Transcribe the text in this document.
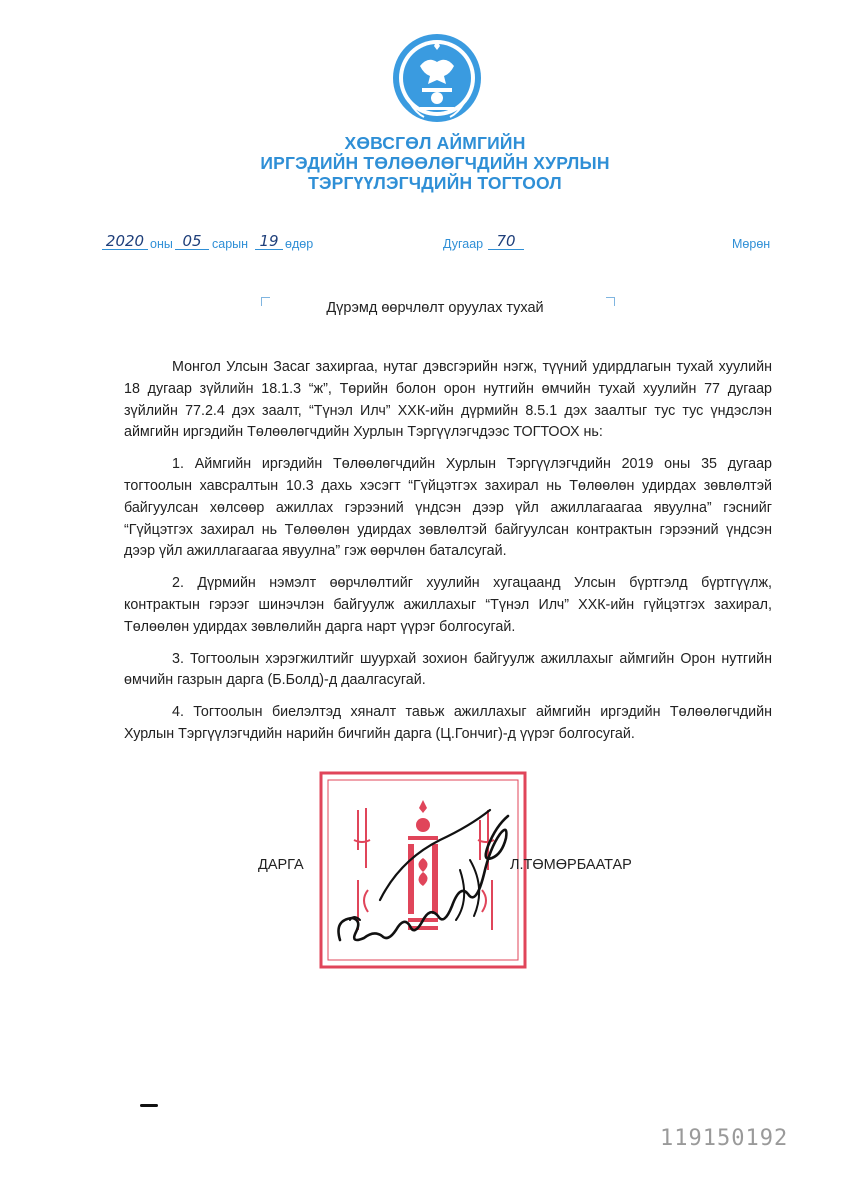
ХӨВСГӨЛ АЙМГИЙН
ИРГЭДИЙН ТӨЛӨӨЛӨГЧДИЙН ХУРЛЫН
ТЭРГҮҮЛЭГЧДИЙН ТОГТООЛ
2020 оны 05 сарын 19 өдөр	Дугаар 70	Мөрөн
Дүрэмд өөрчлөлт оруулах тухай

Монгол Улсын Засаг захиргаа, нутаг дэвсгэрийн нэгж, түүний удирдлагын тухай хуулийн 18 дугаар зүйлийн 18.1.3 “ж”, Төрийн болон орон нутгийн өмчийн тухай хуулийн 77 дугаар зүйлийн 77.2.4 дэх заалт, “Түнэл Илч” ХХК-ийн дүрмийн 8.5.1 дэх заалтыг тус тус үндэслэн аймгийн иргэдийн Төлөөлөгчдийн Хурлын Тэргүүлэгчдээс ТОГТООХ нь:

1. Аймгийн иргэдийн Төлөөлөгчдийн Хурлын Тэргүүлэгчдийн 2019 оны 35 дугаар тогтоолын хавсралтын 10.3 дахь хэсэгт “Гүйцэтгэх захирал нь Төлөөлөн удирдах зөвлөлтэй байгуулсан хөлсөөр ажиллах гэрээний үндсэн дээр үйл ажиллагаагаа явуулна” гэснийг “Гүйцэтгэх захирал нь Төлөөлөн удирдах зөвлөлтэй байгуулсан контрактын гэрээний үндсэн дээр үйл ажиллагаагаа явуулна” гэж өөрчлөн баталсугай.

2. Дүрмийн нэмэлт өөрчлөлтийг хуулийн хугацаанд Улсын бүртгэлд бүртгүүлж, контрактын гэрээг шинэчлэн байгуулж ажиллахыг “Түнэл Илч” ХХК-ийн гүйцэтгэх захирал, Төлөөлөн удирдах зөвлөлийн дарга нарт үүрэг болгосугай.

3. Тогтоолын хэрэгжилтийг шуурхай зохион байгуулж ажиллахыг аймгийн Орон нутгийн өмчийн газрын дарга (Б.Болд)-д даалгасугай.

4. Тогтоолын биелэлтэд хяналт тавьж ажиллахыг аймгийн иргэдийн Төлөөлөгчдийн Хурлын Тэргүүлэгчдийн нарийн бичгийн дарга (Ц.Гончиг)-д үүрэг болгосугай.

ДАРГА	Л.ТӨМӨРБААТАР
119150192
